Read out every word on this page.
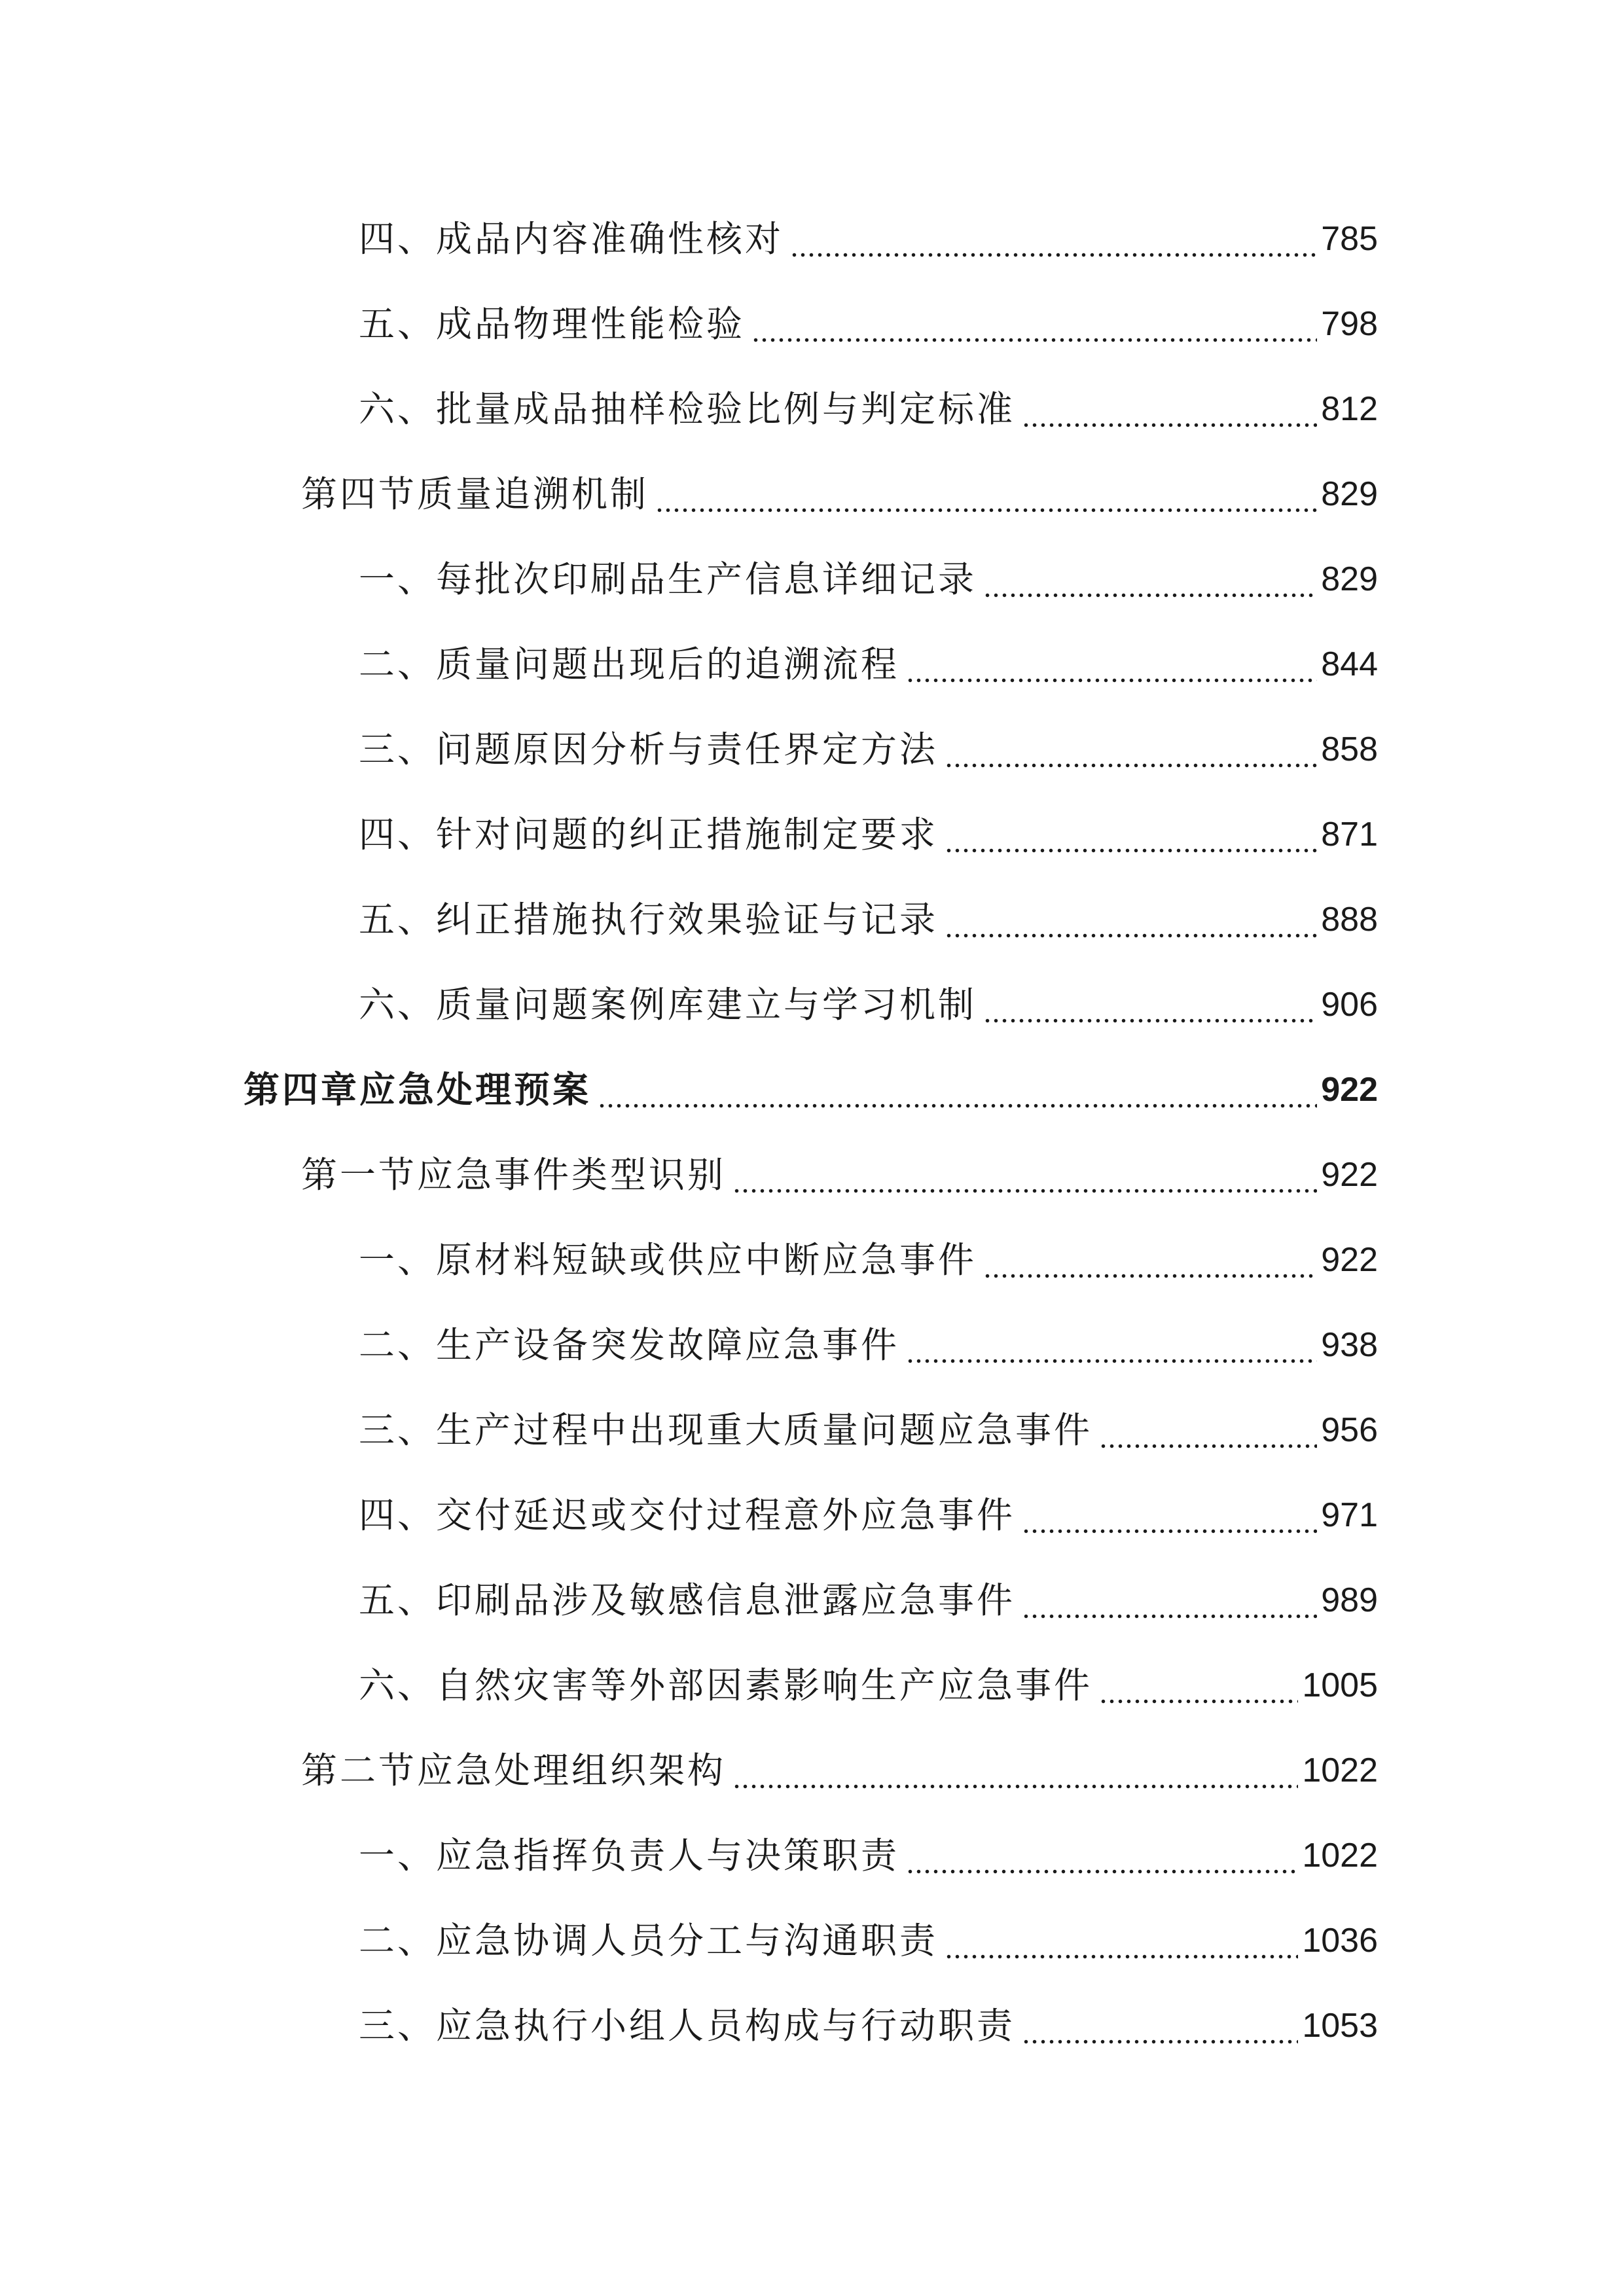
四、成品内容准确性核对	785
五、成品物理性能检验	798
六、批量成品抽样检验比例与判定标准	812
第四节质量追溯机制	829
一、每批次印刷品生产信息详细记录	829
二、质量问题出现后的追溯流程	844
三、问题原因分析与责任界定方法	858
四、针对问题的纠正措施制定要求	871
五、纠正措施执行效果验证与记录	888
六、质量问题案例库建立与学习机制	906
第四章应急处理预案	922
第一节应急事件类型识别	922
一、原材料短缺或供应中断应急事件	922
二、生产设备突发故障应急事件	938
三、生产过程中出现重大质量问题应急事件	956
四、交付延迟或交付过程意外应急事件	971
五、印刷品涉及敏感信息泄露应急事件	989
六、自然灾害等外部因素影响生产应急事件	1005
第二节应急处理组织架构	1022
一、应急指挥负责人与决策职责	1022
二、应急协调人员分工与沟通职责	1036
三、应急执行小组人员构成与行动职责	1053
